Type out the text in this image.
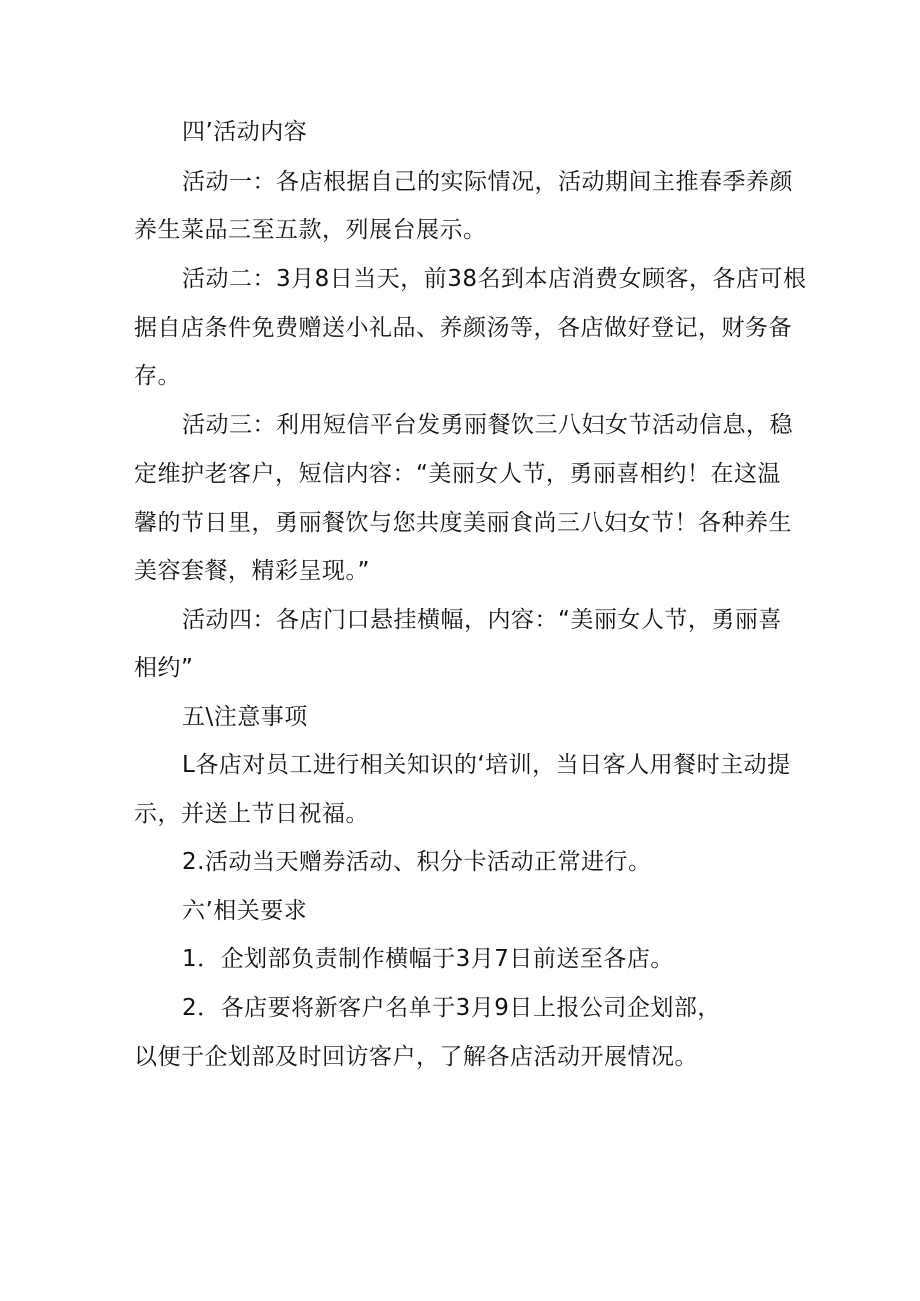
四’活动内容
活动一：各店根据自己的实际情况，活动期间主推春季养颜
养生菜品三至五款，列展台展示。
活动二：3月8日当天，前38名到本店消费女顾客，各店可根
据自店条件免费赠送小礼品、养颜汤等，各店做好登记，财务备
存。
活动三：利用短信平台发勇丽餐饮三八妇女节活动信息，稳
定维护老客户，短信内容：“美丽女人节，勇丽喜相约！在这温
馨的节日里，勇丽餐饮与您共度美丽食尚三八妇女节！各种养生
美容套餐，精彩呈现。”
活动四：各店门口悬挂横幅，内容：“美丽女人节，勇丽喜
相约”
五\注意事项
L各店对员工进行相关知识的‘培训，当日客人用餐时主动提
示，并送上节日祝福。
2.活动当天赠券活动、积分卡活动正常进行。
六’相关要求
1．企划部负责制作横幅于3月7日前送至各店。
2．各店要将新客户名单于3月9日上报公司企划部，
以便于企划部及时回访客户，了解各店活动开展情况。
